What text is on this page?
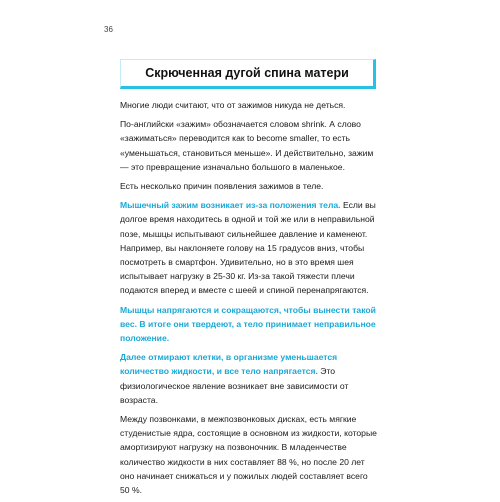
36
Скрюченная дугой спина матери

Многие люди считают, что от зажимов никуда не деться.

По-английски «зажим» обозначается словом shrink. А слово «зажиматься» переводится как to become smaller, то есть «уменьшаться, становиться меньше». И действительно, зажим — это превращение изначально большого в маленькое.

Есть несколько причин появления зажимов в теле.

Мышечный зажим возникает из-за положения тела. Если вы долгое время находитесь в одной и той же или в неправильной позе, мышцы испытывают сильнейшее давление и каменеют. Например, вы наклоняете голову на 15 градусов вниз, чтобы посмотреть в смартфон. Удивительно, но в это время шея испытывает нагрузку в 25-30 кг. Из-за такой тяжести плечи подаются вперед и вместе с шеей и спиной перенапрягаются.

Мышцы напрягаются и сокращаются, чтобы вынести такой вес. В итоге они твердеют, а тело принимает неправильное положение.

Далее отмирают клетки, в организме уменьшается количество жидкости, и все тело напрягается. Это физиологическое явление возникает вне зависимости от возраста.

Между позвонками, в межпозвонковых дисках, есть мягкие студенистые ядра, состоящие в основном из жидкости, которые амортизируют нагрузку на позвоночник. В младенчестве количество жидкости в них составляет 88 %, но после 20 лет оно начинает снижаться и у пожилых людей составляет всего 50 %.
